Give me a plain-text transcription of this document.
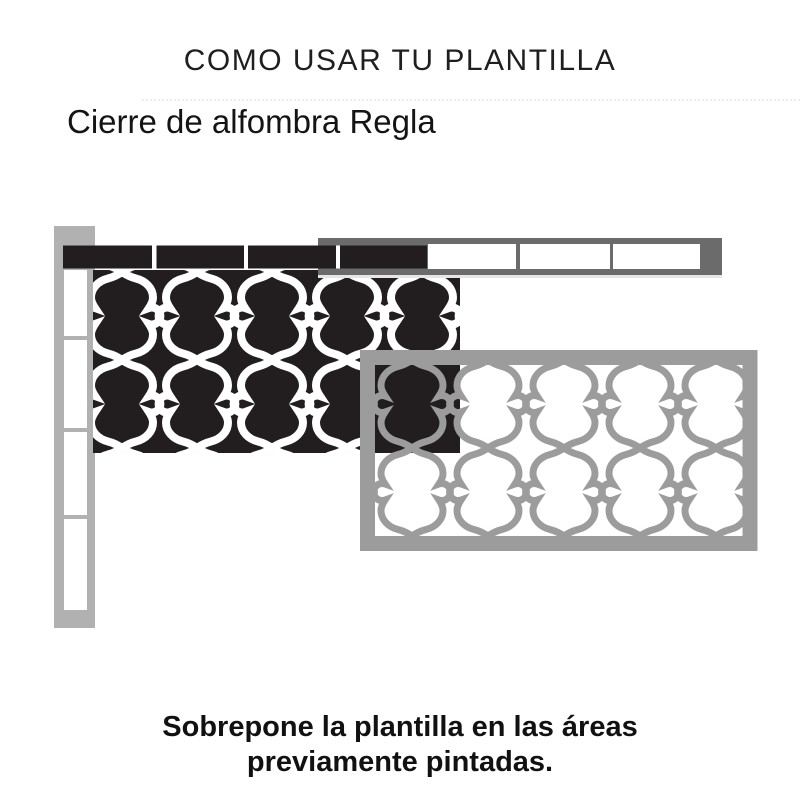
COMO USAR TU PLANTILLA
Cierre de alfombra Regla
Sobrepone la plantilla en las áreas
previamente pintadas.
